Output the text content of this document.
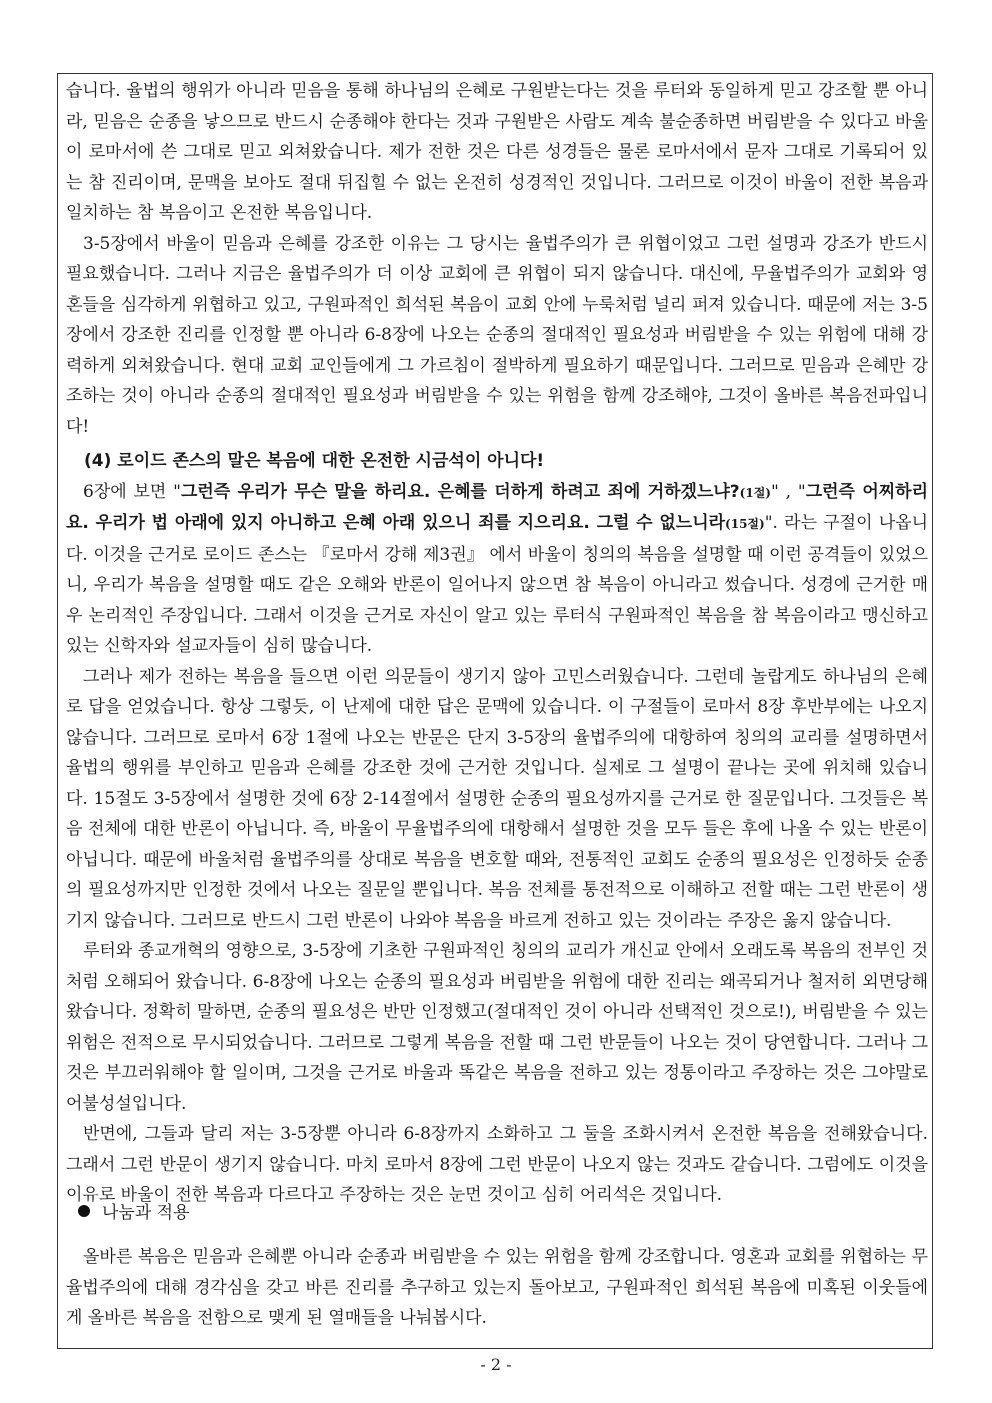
습니다. 율법의 행위가 아니라 믿음을 통해 하나님의 은혜로 구원받는다는 것을 루터와 동일하게 믿고 강조할 뿐 아니라, 믿음은 순종을 낳으므로 반드시 순종해야 한다는 것과 구원받은 사람도 계속 불순종하면 버림받을 수 있다고 바울이 로마서에 쓴 그대로 믿고 외쳐왔습니다. 제가 전한 것은 다른 성경들은 물론 로마서에서 문자 그대로 기록되어 있는 참 진리이며, 문맥을 보아도 절대 뒤집힐 수 없는 온전히 성경적인 것입니다. 그러므로 이것이 바울이 전한 복음과 일치하는 참 복음이고 온전한 복음입니다.

3-5장에서 바울이 믿음과 은혜를 강조한 이유는 그 당시는 율법주의가 큰 위협이었고 그런 설명과 강조가 반드시 필요했습니다. 그러나 지금은 율법주의가 더 이상 교회에 큰 위협이 되지 않습니다. 대신에, 무율법주의가 교회와 영혼들을 심각하게 위협하고 있고, 구원파적인 희석된 복음이 교회 안에 누룩처럼 널리 퍼져 있습니다. 때문에 저는 3-5장에서 강조한 진리를 인정할 뿐 아니라 6-8장에 나오는 순종의 절대적인 필요성과 버림받을 수 있는 위험에 대해 강력하게 외쳐왔습니다. 현대 교회 교인들에게 그 가르침이 절박하게 필요하기 때문입니다. 그러므로 믿음과 은혜만 강조하는 것이 아니라 순종의 절대적인 필요성과 버림받을 수 있는 위험을 함께 강조해야, 그것이 올바른 복음전파입니다!

(4) 로이드 존스의 말은 복음에 대한 온전한 시금석이 아니다!

6장에 보면 "그런즉 우리가 무슨 말을 하리요. 은혜를 더하게 하려고 죄에 거하겠느냐?(1절)" , "그런즉 어찌하리요. 우리가 법 아래에 있지 아니하고 은혜 아래 있으니 죄를 지으리요. 그럴 수 없느니라(15절)". 라는 구절이 나옵니다. 이것을 근거로 로이드 존스는 『로마서 강해 제3권』 에서 바울이 칭의의 복음을 설명할 때 이런 공격들이 있었으니, 우리가 복음을 설명할 때도 같은 오해와 반론이 일어나지 않으면 참 복음이 아니라고 썼습니다. 성경에 근거한 매우 논리적인 주장입니다. 그래서 이것을 근거로 자신이 알고 있는 루터식 구원파적인 복음을 참 복음이라고 맹신하고 있는 신학자와 설교자들이 심히 많습니다.

그러나 제가 전하는 복음을 들으면 이런 의문들이 생기지 않아 고민스러웠습니다. 그런데 놀랍게도 하나님의 은혜로 답을 얻었습니다. 항상 그렇듯, 이 난제에 대한 답은 문맥에 있습니다. 이 구절들이 로마서 8장 후반부에는 나오지 않습니다. 그러므로 로마서 6장 1절에 나오는 반문은 단지 3-5장의 율법주의에 대항하여 칭의의 교리를 설명하면서 율법의 행위를 부인하고 믿음과 은혜를 강조한 것에 근거한 것입니다. 실제로 그 설명이 끝나는 곳에 위치해 있습니다. 15절도 3-5장에서 설명한 것에 6장 2-14절에서 설명한 순종의 필요성까지를 근거로 한 질문입니다. 그것들은 복음 전체에 대한 반론이 아닙니다. 즉, 바울이 무율법주의에 대항해서 설명한 것을 모두 들은 후에 나올 수 있는 반론이 아닙니다. 때문에 바울처럼 율법주의를 상대로 복음을 변호할 때와, 전통적인 교회도 순종의 필요성은 인정하듯 순종의 필요성까지만 인정한 것에서 나오는 질문일 뿐입니다. 복음 전체를 통전적으로 이해하고 전할 때는 그런 반론이 생기지 않습니다. 그러므로 반드시 그런 반론이 나와야 복음을 바르게 전하고 있는 것이라는 주장은 옳지 않습니다.

루터와 종교개혁의 영향으로, 3-5장에 기초한 구원파적인 칭의의 교리가 개신교 안에서 오래도록 복음의 전부인 것처럼 오해되어 왔습니다. 6-8장에 나오는 순종의 필요성과 버림받을 위험에 대한 진리는 왜곡되거나 철저히 외면당해왔습니다. 정확히 말하면, 순종의 필요성은 반만 인정했고(절대적인 것이 아니라 선택적인 것으로!), 버림받을 수 있는 위험은 전적으로 무시되었습니다. 그러므로 그렇게 복음을 전할 때 그런 반문들이 나오는 것이 당연합니다. 그러나 그것은 부끄러워해야 할 일이며, 그것을 근거로 바울과 똑같은 복음을 전하고 있는 정통이라고 주장하는 것은 그야말로 어불성설입니다.

반면에, 그들과 달리 저는 3-5장뿐 아니라 6-8장까지 소화하고 그 둘을 조화시켜서 온전한 복음을 전해왔습니다. 그래서 그런 반문이 생기지 않습니다. 마치 로마서 8장에 그런 반문이 나오지 않는 것과도 같습니다. 그럼에도 이것을 이유로 바울이 전한 복음과 다르다고 주장하는 것은 눈먼 것이고 심히 어리석은 것입니다.

나눔과 적용

올바른 복음은 믿음과 은혜뿐 아니라 순종과 버림받을 수 있는 위험을 함께 강조합니다. 영혼과 교회를 위협하는 무율법주의에 대해 경각심을 갖고 바른 진리를 추구하고 있는지 돌아보고, 구원파적인 희석된 복음에 미혹된 이웃들에게 올바른 복음을 전함으로 맺게 된 열매들을 나눠봅시다.

- 2 -
